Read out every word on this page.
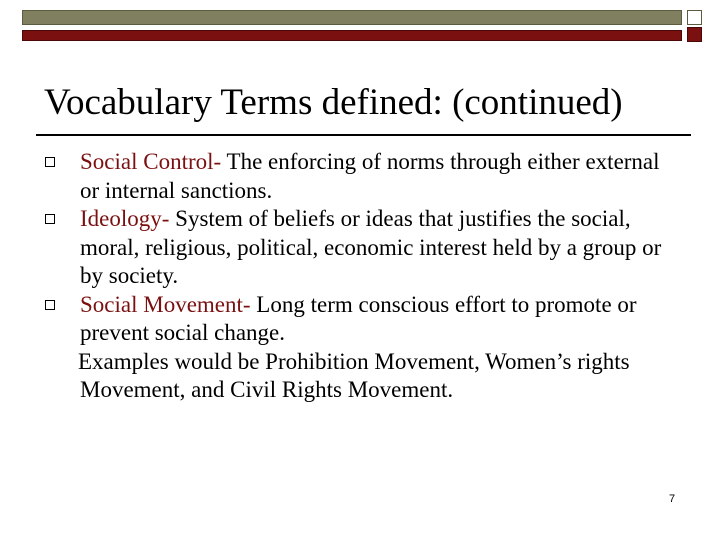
Vocabulary Terms defined: (continued)
Social Control- The enforcing of norms through either external or internal sanctions.
Ideology- System of beliefs or ideas that justifies the social, moral, religious, political, economic interest held by a group or by society.
Social Movement- Long term conscious effort to promote or prevent social change.
Examples would be Prohibition Movement, Women’s rights Movement, and Civil Rights Movement.
7
